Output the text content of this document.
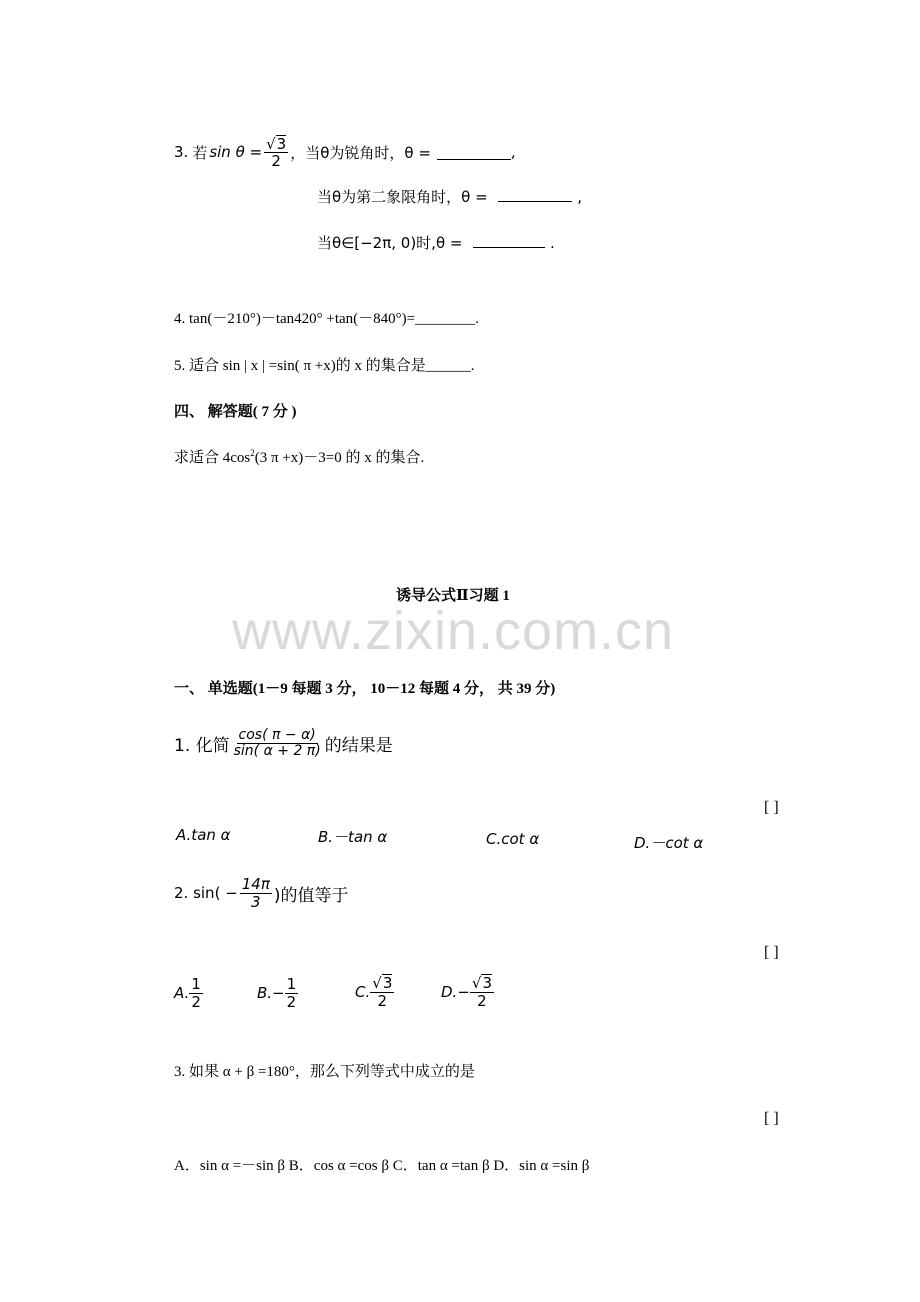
3. 若 $\sin \theta = \frac{√ 3}{2}$ ，当θ为锐角时，θ =	,
当θ为第二象限角时，θ =	,
当θ∈[−2π, 0)时,θ =	.
4. tan(－210°)－tan420° +tan(－840°)=________.
5. 适合 sin | x | =sin( π +x)的 x 的集合是______.
四、 解答题( 7 分 )
求适合 $4\cos^2(3$ π +x)－3=0 的 x 的集合.
诱导公式Ⅱ习题 1
www.zixin.com.cn
一、 单选题(1－9 每题 3 分， 10－12 每题 4 分， 共 39 分)
1. 化简 $\frac{\cos( \pi - \alpha)}{\sin( \alpha + 2 \pi)}$ 的结果是
[ ]
A.tan α	B.－tan α	C.cot α	D.－cot α
2. $\sin( - \frac{14\pi}{3}$ )的值等于
[ ]
A. $\frac{1}{2}$	$B.- \frac{1}{2}$	C. $\frac{√ 3}{2}$	$D.- \frac{√ 3}{2}$
3. 如果 α + β =180°，那么下列等式中成立的是
[ ]
A．sin α =－sin β B．cos α =cos β C．tan α =tan β D．sin α =sin β
